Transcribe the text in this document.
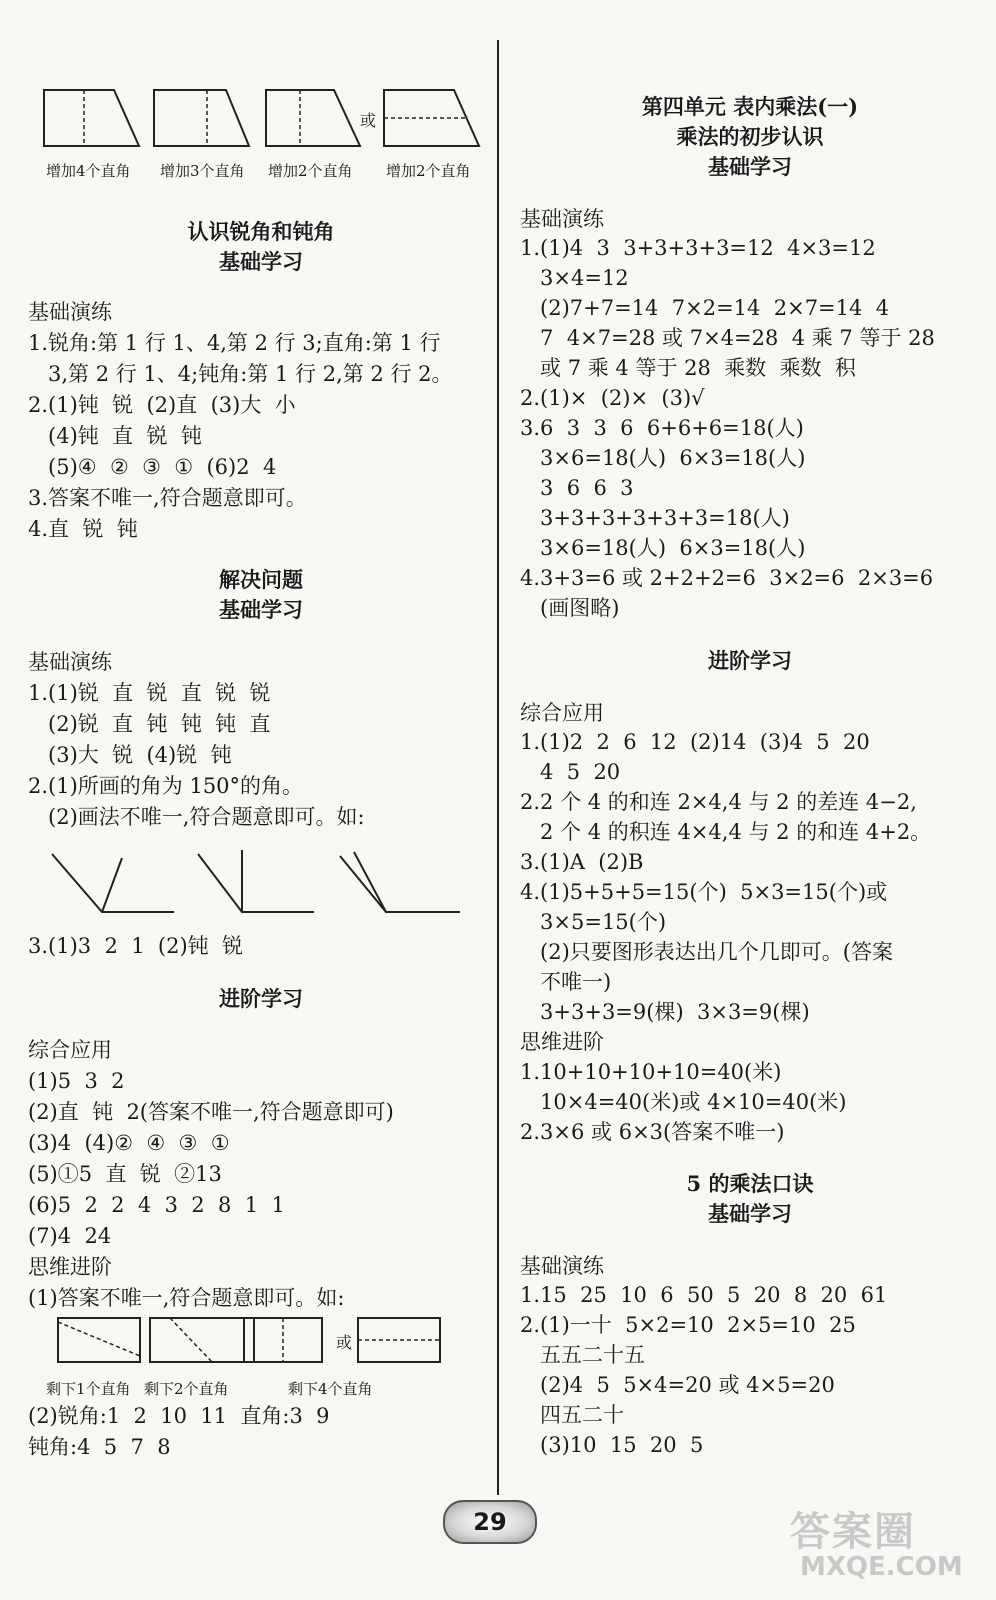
或
增加4个直角 增加3个直角 增加2个直角 增加2个直角
认识锐角和钝角
基础学习
基础演练
1.锐角:第 1 行 1、4,第 2 行 3;直角:第 1 行
3,第 2 行 1、4;钝角:第 1 行 2,第 2 行 2。
2.(1)钝  锐  (2)直  (3)大  小
(4)钝  直  锐  钝
(5)④  ②  ③  ①  (6)2  4
3.答案不唯一,符合题意即可。
4.直  锐  钝
解决问题
基础学习
基础演练
1.(1)锐  直  锐  直  锐  锐
(2)锐  直  钝  钝  钝  直
(3)大  锐  (4)锐  钝
2.(1)所画的角为 150°的角。
(2)画法不唯一,符合题意即可。如:
3.(1)3  2  1  (2)钝  锐
进阶学习
综合应用
(1)5  3  2
(2)直  钝  2(答案不唯一,符合题意即可)
(3)4  (4)②  ④  ③  ①
(5)①5  直  锐  ②13
(6)5  2  2  4  3  2  8  1  1
(7)4  24
思维进阶
(1)答案不唯一,符合题意即可。如:
或
剩下1个直角 剩下2个直角	剩下4个直角
(2)锐角:1  2  10  11  直角:3  9
钝角:4  5  7  8
第四单元 表内乘法(一)
乘法的初步认识
基础学习
基础演练
1.(1)4  3  3+3+3+3=12  4×3=12
3×4=12
(2)7+7=14  7×2=14  2×7=14  4
7  4×7=28 或 7×4=28  4 乘 7 等于 28
或 7 乘 4 等于 28  乘数  乘数  积
2.(1)×  (2)×  (3)√
3.6  3  3  6  6+6+6=18(人)
3×6=18(人)  6×3=18(人)
3  6  6  3
3+3+3+3+3+3=18(人)
3×6=18(人)  6×3=18(人)
4.3+3=6 或 2+2+2=6  3×2=6  2×3=6
(画图略)
进阶学习
综合应用
1.(1)2  2  6  12  (2)14  (3)4  5  20
4  5  20
2.2 个 4 的和连 2×4,4 与 2 的差连 4−2,
2 个 4 的积连 4×4,4 与 2 的和连 4+2。
3.(1)A  (2)B
4.(1)5+5+5=15(个)  5×3=15(个)或
3×5=15(个)
(2)只要图形表达出几个几即可。(答案
不唯一)
3+3+3=9(棵)  3×3=9(棵)
思维进阶
1.10+10+10+10=40(米)
10×4=40(米)或 4×10=40(米)
2.3×6 或 6×3(答案不唯一)
5 的乘法口诀
基础学习
基础演练
1.15  25  10  6  50  5  20  8  20  61
2.(1)一十  5×2=10  2×5=10  25
五五二十五
(2)4  5  5×4=20 或 4×5=20
四五二十
(3)10  15  20  5
29	答案圈
MXQE.COM
